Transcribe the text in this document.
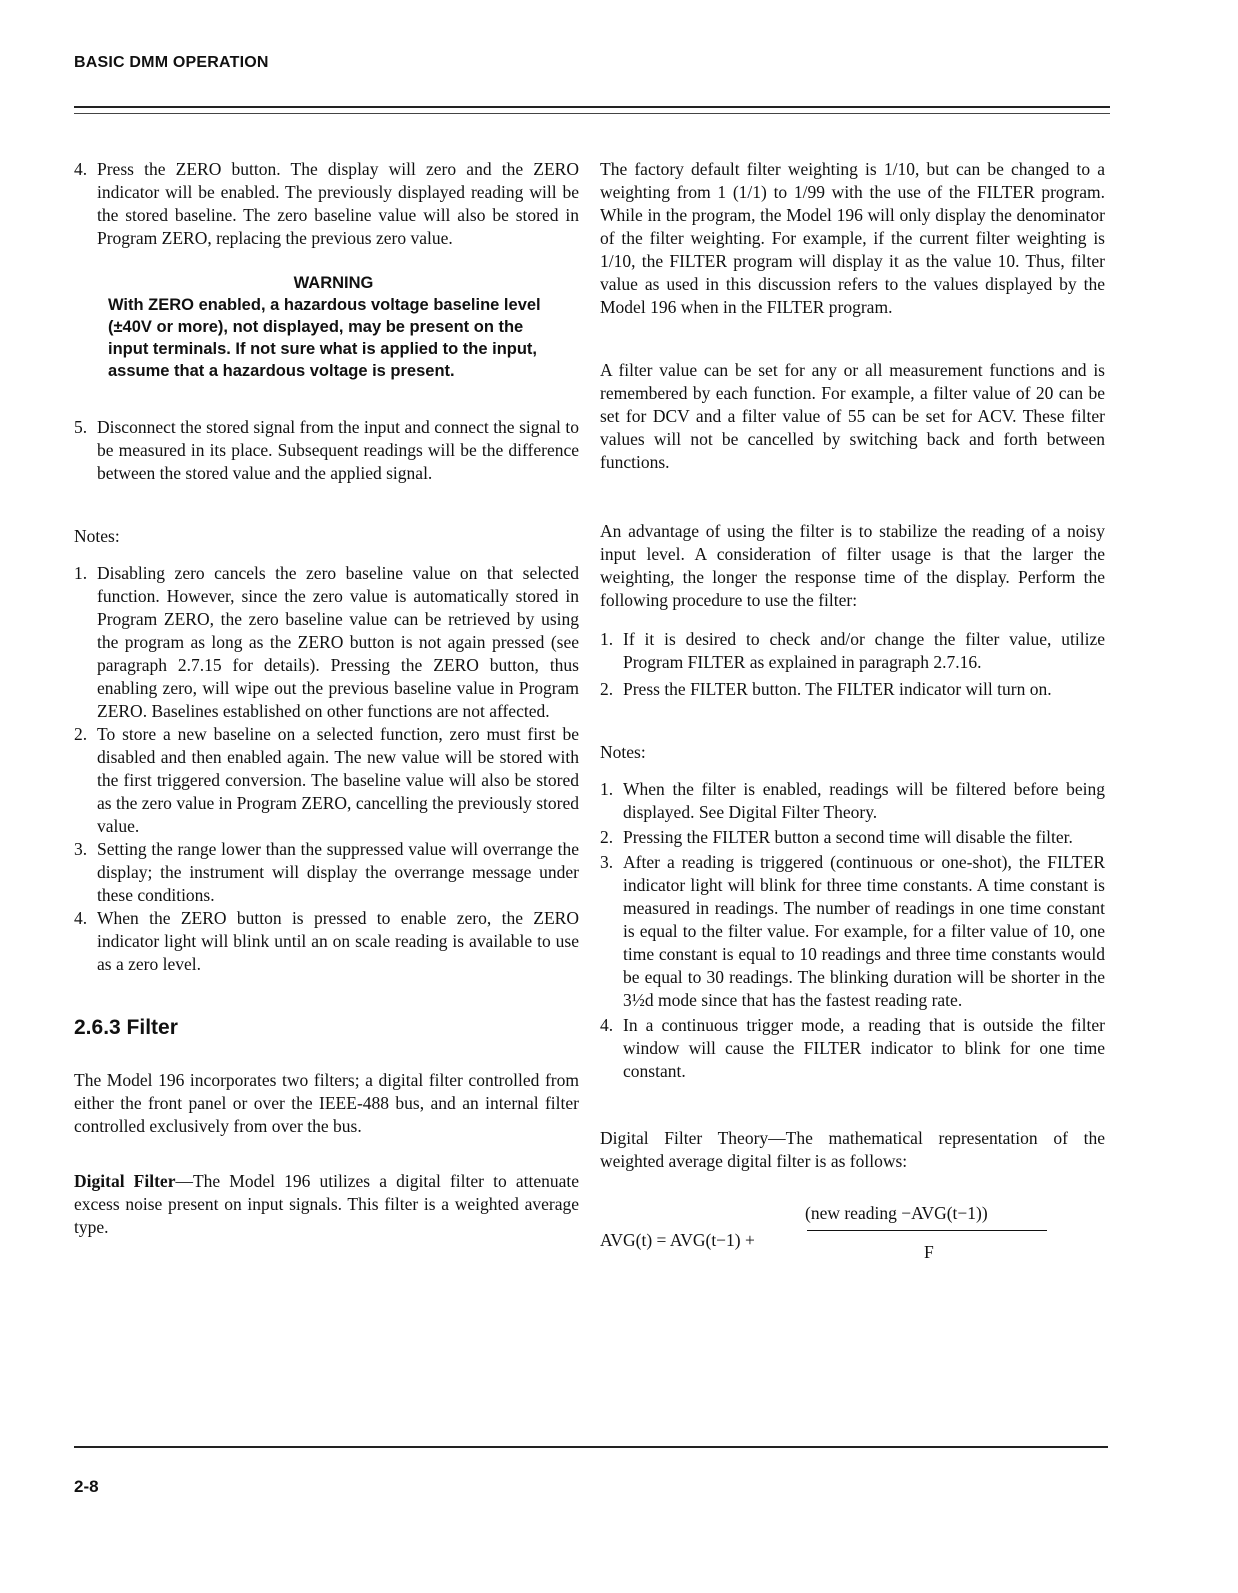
BASIC DMM OPERATION
4. Press the ZERO button. The display will zero and the ZERO indicator will be enabled. The previously displayed reading will be the stored baseline. The zero baseline value will also be stored in Program ZERO, replacing the previous zero value.
WARNING
With ZERO enabled, a hazardous voltage baseline level (±40V or more), not displayed, may be present on the input terminals. If not sure what is applied to the input, assume that a hazardous voltage is present.
5. Disconnect the stored signal from the input and connect the signal to be measured in its place. Subsequent readings will be the difference between the stored value and the applied signal.

Notes:

1. Disabling zero cancels the zero baseline value on that selected function. However, since the zero value is automatically stored in Program ZERO, the zero baseline value can be retrieved by using the program as long as the ZERO button is not again pressed (see paragraph 2.7.15 for details). Pressing the ZERO button, thus enabling zero, will wipe out the previous baseline value in Program ZERO. Baselines established on other functions are not affected.
2. To store a new baseline on a selected function, zero must first be disabled and then enabled again. The new value will be stored with the first triggered conversion. The baseline value will also be stored as the zero value in Program ZERO, cancelling the previously stored value.
3. Setting the range lower than the suppressed value will overrange the display; the instrument will display the overrange message under these conditions.
4. When the ZERO button is pressed to enable zero, the ZERO indicator light will blink until an on scale reading is available to use as a zero level.
2.6.3 Filter

The Model 196 incorporates two filters; a digital filter controlled from either the front panel or over the IEEE-488 bus, and an internal filter controlled exclusively from over the bus.

Digital Filter—The Model 196 utilizes a digital filter to attenuate excess noise present on input signals. This filter is a weighted average type.

The factory default filter weighting is 1/10, but can be changed to a weighting from 1 (1/1) to 1/99 with the use of the FILTER program. While in the program, the Model 196 will only display the denominator of the filter weighting. For example, if the current filter weighting is 1/10, the FILTER program will display it as the value 10. Thus, filter value as used in this discussion refers to the values displayed by the Model 196 when in the FILTER program.

A filter value can be set for any or all measurement functions and is remembered by each function. For example, a filter value of 20 can be set for DCV and a filter value of 55 can be set for ACV. These filter values will not be cancelled by switching back and forth between functions.

An advantage of using the filter is to stabilize the reading of a noisy input level. A consideration of filter usage is that the larger the weighting, the longer the response time of the display. Perform the following procedure to use the filter:

1. If it is desired to check and/or change the filter value, utilize Program FILTER as explained in paragraph 2.7.16.
2. Press the FILTER button. The FILTER indicator will turn on.

Notes:

1. When the filter is enabled, readings will be filtered before being displayed. See Digital Filter Theory.
2. Pressing the FILTER button a second time will disable the filter.
3. After a reading is triggered (continuous or one-shot), the FILTER indicator light will blink for three time constants. A time constant is measured in readings. The number of readings in one time constant is equal to the filter value. For example, for a filter value of 10, one time constant is equal to 10 readings and three time constants would be equal to 30 readings. The blinking duration will be shorter in the 3½d mode since that has the fastest reading rate.
4. In a continuous trigger mode, a reading that is outside the filter window will cause the FILTER indicator to blink for one time constant.

Digital Filter Theory—The mathematical representation of the weighted average digital filter is as follows:

AVG(t) = AVG(t−1) +
(new reading −AVG(t−1))
F
2-8
